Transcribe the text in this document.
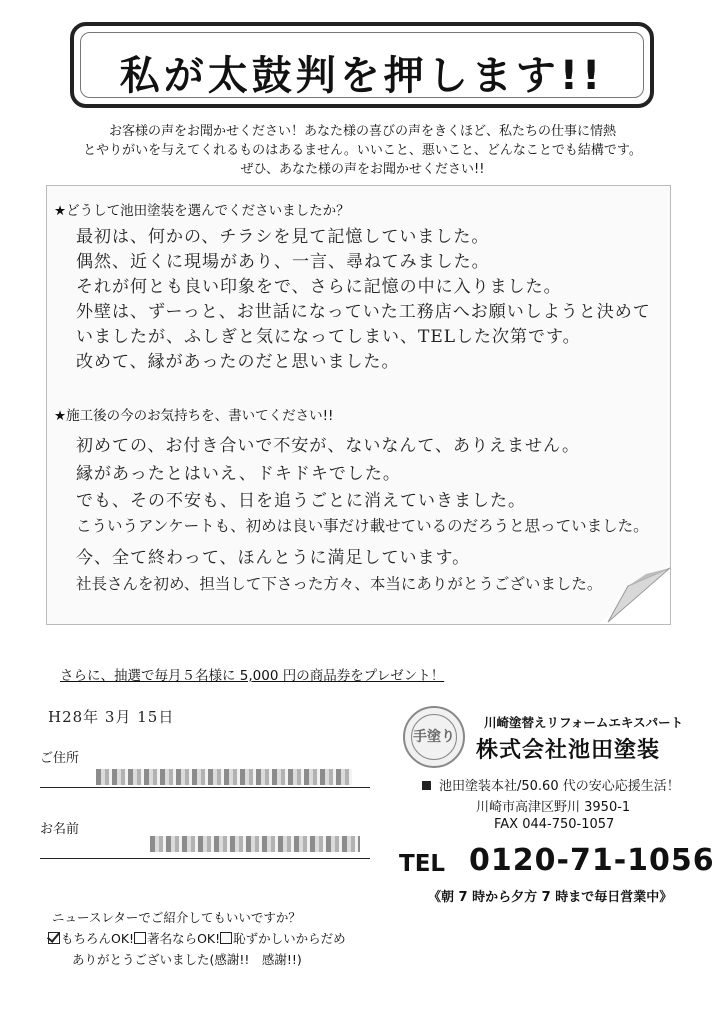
私が太鼓判を押します!!
お客様の声をお聞かせください！あなた様の喜びの声をきくほど、私たちの仕事に情熱
とやりがいを与えてくれるものはあるません。いいこと、悪いこと、どんなことでも結構です。
ぜひ、あなた様の声をお聞かせください!!
★どうして池田塗装を選んでくださいましたか？
最初は、何かの、チラシを見て記憶していました。
偶然、近くに現場があり、一言、尋ねてみました。
それが何とも良い印象をで、さらに記憶の中に入りました。
外壁は、ずーっと、お世話になっていた工務店へお願いしようと決めて
いましたが、ふしぎと気になってしまい、TELした次第です。
改めて、縁があったのだと思いました。
★施工後の今のお気持ちを、書いてください!!
初めての、お付き合いで不安が、ないなんて、ありえません。
縁があったとはいえ、ドキドキでした。
でも、その不安も、日を追うごとに消えていきました。
こういうアンケートも、初めは良い事だけ載せているのだろうと思っていました。
今、全て終わって、ほんとうに満足しています。
社長さんを初め、担当して下さった方々、本当にありがとうございました。
さらに、抽選で毎月５名様に 5,000 円の商品券をプレゼント！
H28年 3月 15日
ご住所
お名前
手塗り
川崎塗替えリフォームエキスパート
株式会社池田塗装
池田塗装本社/50.60 代の安心応援生活！
川崎市高津区野川 3950-1
FAX 044-750-1057
TEL 0120-71-1056
《朝 7 時から夕方 7 時まで毎日営業中》
ニュースレターでご紹介してもいいですか？
もちろんOK! 著名ならOK! 恥ずかしいからだめ
ありがとうございました(感謝!!　感謝!!)
